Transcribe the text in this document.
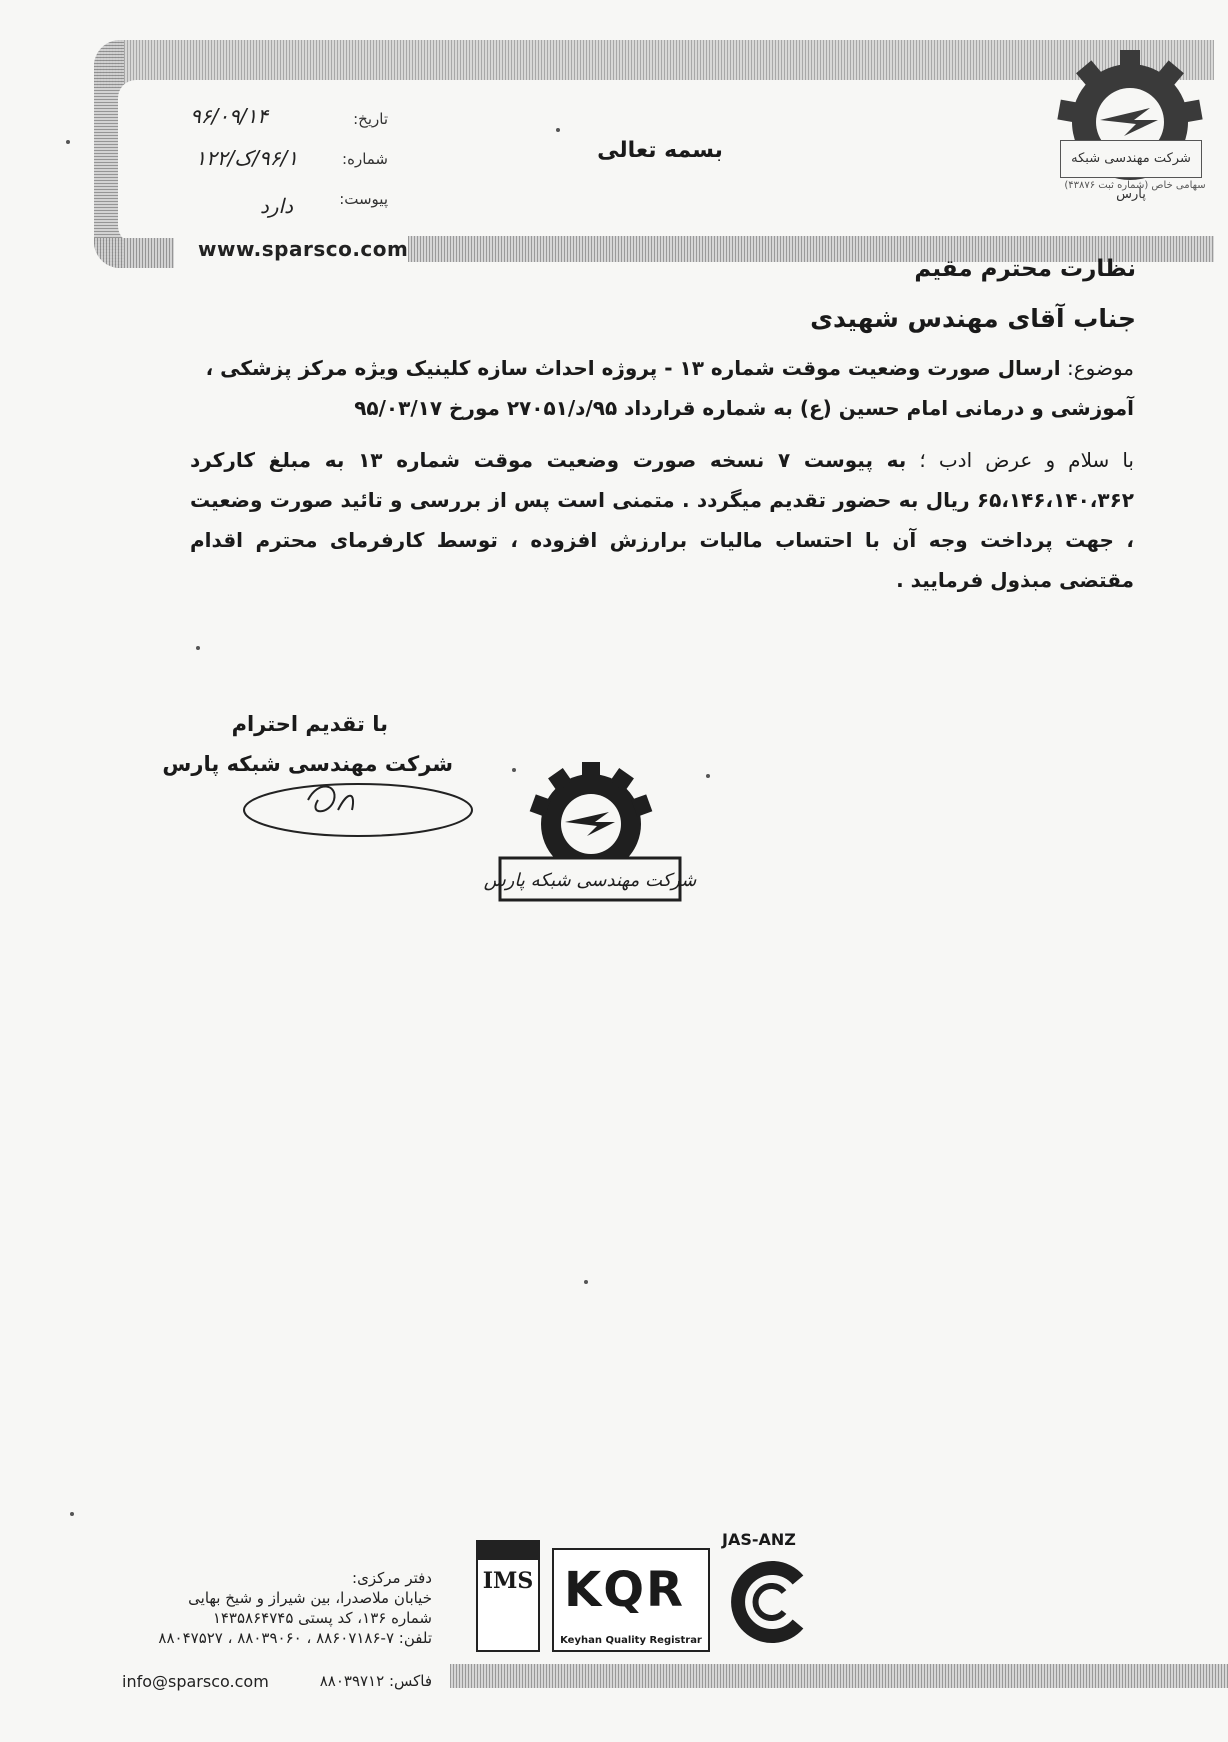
شرکت مهندسی شبکه پارس
سهامی خاص (شماره ثبت ۴۳۸۷۶)
بسمه تعالی
تاریخ:
۹۶/۰۹/۱۴
شماره:
۹۶/۱/ک/۱۲۲
پیوست:
دارد
www.sparsco.com
نظارت محترم مقیم
جناب آقای مهندس شهیدی
موضوع: ارسال صورت وضعیت موقت شماره ۱۳ - پروژه احداث سازه کلینیک ویژه مرکز پزشکی ، آموزشی و درمانی امام حسین (ع) به شماره قرارداد ۹۵/د/۲۷۰۵۱ مورخ ۹۵/۰۳/۱۷
با سلام و عرض ادب ؛ به پیوست ۷ نسخه صورت وضعیت موقت شماره ۱۳ به مبلغ کارکرد ۶۵،۱۴۶،۱۴۰،۳۶۲ ریال به حضور تقدیم میگردد . متمنی است پس از بررسی و تائید صورت وضعیت ، جهت پرداخت وجه آن با احتساب مالیات برارزش افزوده ، توسط کارفرمای محترم اقدام مقتضی مبذول فرمایید .
با تقدیم احترام
شرکت مهندسی شبکه پارس
شرکت مهندسی شبکه پارس
دفتر مرکزی:
خیابان ملاصدرا، بین شیراز و شیخ بهایی
شماره ۱۳۶، کد پستی ۱۴۳۵۸۶۴۷۴۵
تلفن: ۷-۸۸۶۰۷۱۸۶ ، ۸۸۰۳۹۰۶۰ ، ۸۸۰۴۷۵۲۷
info@sparsco.com	فاکس: ۸۸۰۳۹۷۱۲
IMS KQR
Keyhan Quality Registrar
JAS-ANZ
